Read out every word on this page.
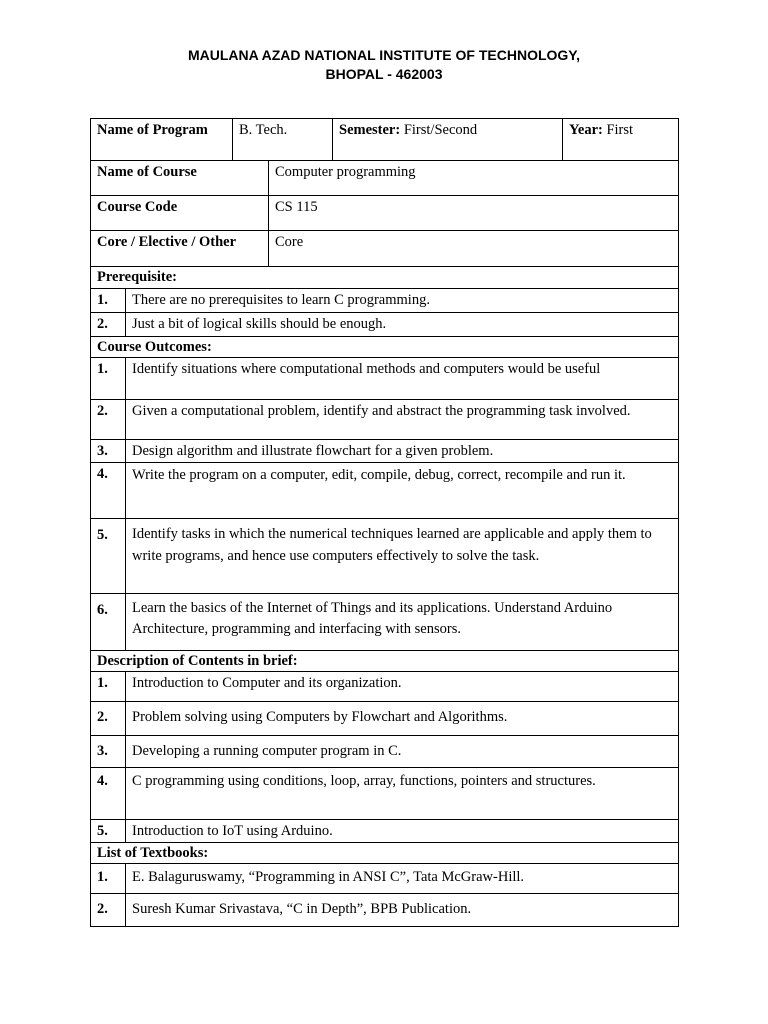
MAULANA AZAD NATIONAL INSTITUTE OF TECHNOLOGY,
BHOPAL - 462003
Name of Program		B. Tech.		Semester: First/Second	Year: First
Name of Course			Computer programming		
Course Code			CS 115		
Core / Elective / Other			Core		
Prerequisite:					
1.	There are no prerequisites to learn C programming.				
2.	Just a bit of logical skills should be enough.				
Course Outcomes:					
1.	Identify situations where computational methods and computers would be useful				
2.	Given a computational problem, identify and abstract the programming task involved.				
3.	Design algorithm and illustrate flowchart for a given problem.				
4.	Write the program on a computer, edit, compile, debug, correct, recompile and run it.				
5.	Identify tasks in which the numerical techniques learned are applicable and apply them to write programs, and hence use computers effectively to solve the task.				
6.	Learn the basics of the Internet of Things and its applications. Understand Arduino Architecture, programming and interfacing with sensors.				
Description of Contents in brief:					
1.	Introduction to Computer and its organization.				
2.	Problem solving using Computers by Flowchart and Algorithms.				
3.	Developing a running computer program in C.				
4.	C programming using conditions, loop, array, functions, pointers and structures.				
5.	Introduction to IoT using Arduino.				
List of Textbooks:					
1.	E. Balaguruswamy, “Programming in ANSI C”, Tata McGraw-Hill.				
2.	Suresh Kumar Srivastava, “C in Depth”, BPB Publication.				
